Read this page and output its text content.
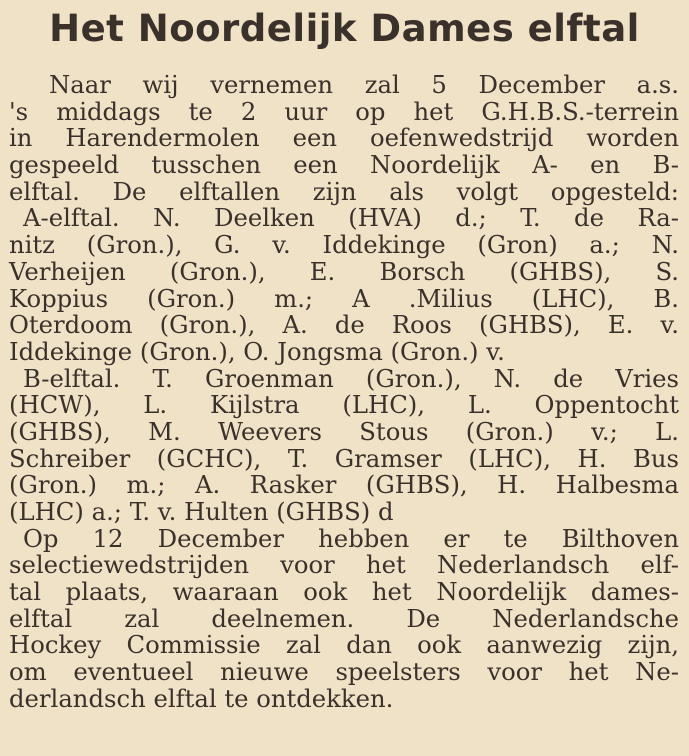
Het Noordelijk Dames elftal
Naar wij vernemen zal 5 December a.s.
's middags te 2 uur op het G.H.B.S.-terrein
in Harendermolen een oefenwedstrijd worden
gespeeld tusschen een Noordelijk A- en B-
elftal. De elftallen zijn als volgt opgesteld:
A-elftal. N. Deelken (HVA) d.; T. de Ra-
nitz (Gron.), G. v. Iddekinge (Gron) a.; N.
Verheijen (Gron.), E. Borsch (GHBS), S.
Koppius (Gron.) m.; A .Milius (LHC), B.
Oterdoom (Gron.), A. de Roos (GHBS), E. v.
Iddekinge (Gron.), O. Jongsma (Gron.) v.
B-elftal. T. Groenman (Gron.), N. de Vries
(HCW), L. Kijlstra (LHC), L. Oppentocht
(GHBS), M. Weevers Stous (Gron.) v.; L.
Schreiber (GCHC), T. Gramser (LHC), H. Bus
(Gron.) m.; A. Rasker (GHBS), H. Halbesma
(LHC) a.; T. v. Hulten (GHBS) d
Op 12 December hebben er te Bilthoven
selectiewedstrijden voor het Nederlandsch elf-
tal plaats, waaraan ook het Noordelijk dames-
elftal zal deelnemen. De Nederlandsche
Hockey Commissie zal dan ook aanwezig zijn,
om eventueel nieuwe speelsters voor het Ne-
derlandsch elftal te ontdekken.
